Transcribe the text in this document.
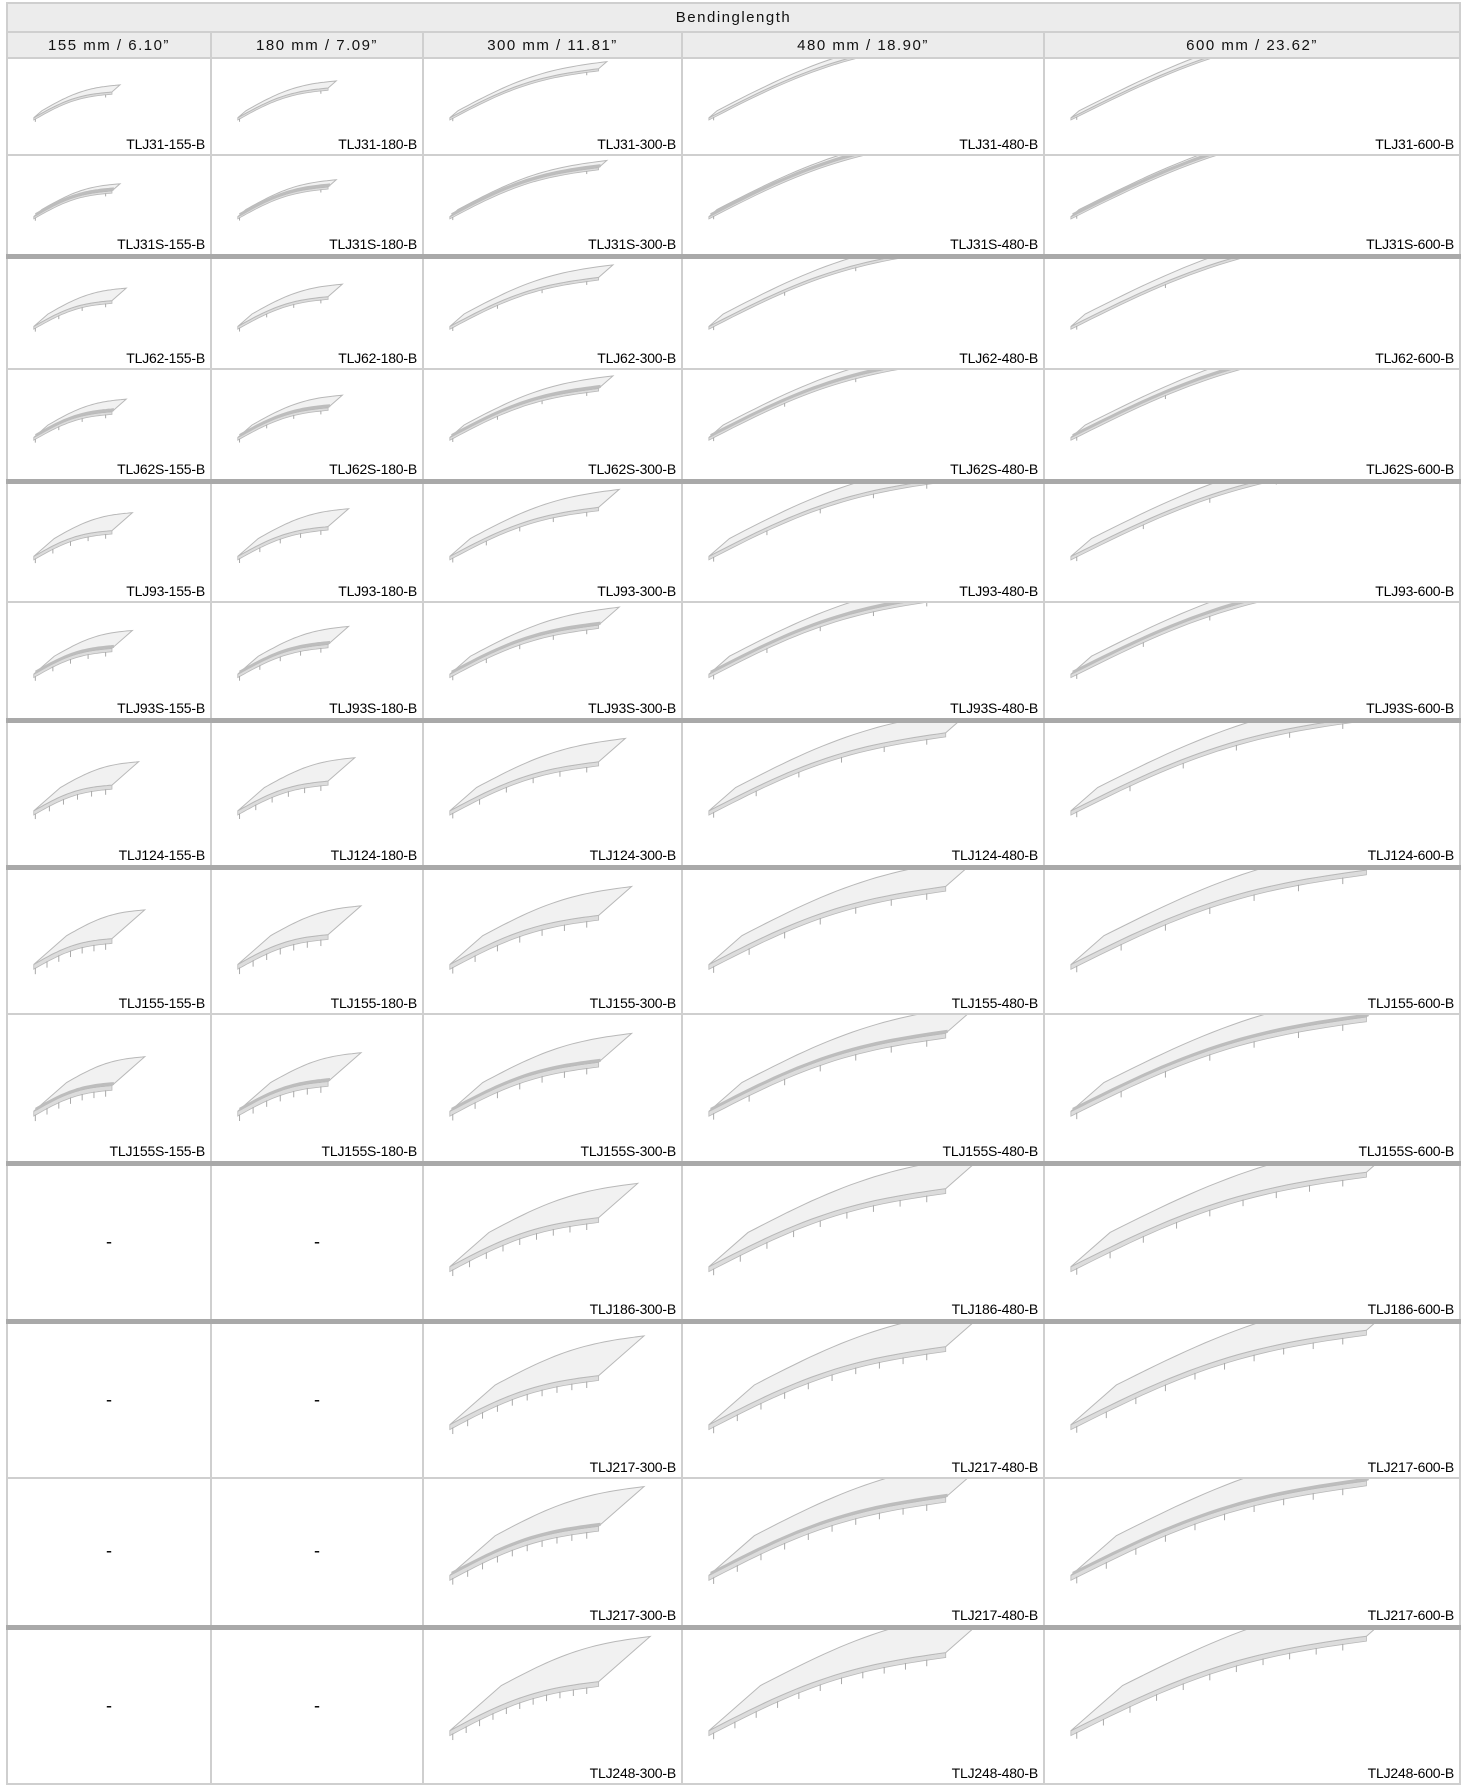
Bendinglength				
155 mm / 6.10”	180 mm / 7.09”	300 mm / 11.81”	480 mm / 18.90”	600 mm / 23.62”

TLJ31-155-B	TLJ31-180-B	TLJ31-300-B	TLJ31-480-B	TLJ31-600-B

TLJ31S-155-B	TLJ31S-180-B	TLJ31S-300-B	TLJ31S-480-B	TLJ31S-600-B

TLJ62-155-B	TLJ62-180-B	TLJ62-300-B	TLJ62-480-B	TLJ62-600-B

TLJ62S-155-B	TLJ62S-180-B	TLJ62S-300-B	TLJ62S-480-B	TLJ62S-600-B

TLJ93-155-B	TLJ93-180-B	TLJ93-300-B	TLJ93-480-B	TLJ93-600-B

TLJ93S-155-B	TLJ93S-180-B	TLJ93S-300-B	TLJ93S-480-B	TLJ93S-600-B

TLJ124-155-B	TLJ124-180-B	TLJ124-300-B	TLJ124-480-B	TLJ124-600-B

TLJ155-155-B	TLJ155-180-B	TLJ155-300-B	TLJ155-480-B	TLJ155-600-B

TLJ155S-155-B	TLJ155S-180-B	TLJ155S-300-B	TLJ155S-480-B	TLJ155S-600-B

-	-	TLJ186-300-B	TLJ186-480-B	TLJ186-600-B

-	-	TLJ217-300-B	TLJ217-480-B	TLJ217-600-B

-	-	TLJ217-300-B	TLJ217-480-B	TLJ217-600-B

-	-	TLJ248-300-B	TLJ248-480-B	TLJ248-600-B
